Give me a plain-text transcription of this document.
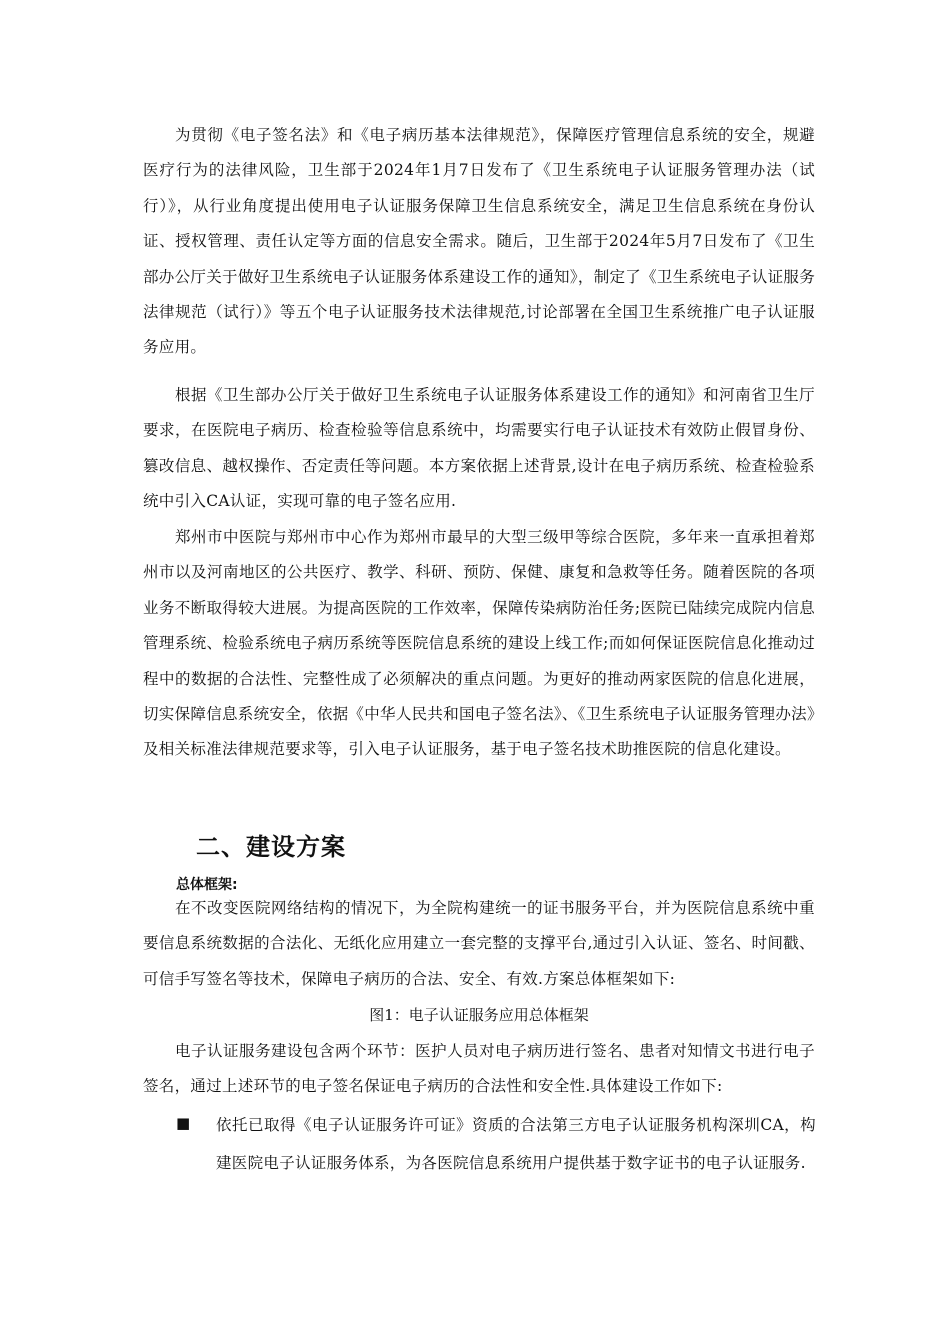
为贯彻《电子签名法》和《电子病历基本法律规范》，保障医疗管理信息系统的安全，规避医疗行为的法律风险，卫生部于2024年1月7日发布了《卫生系统电子认证服务管理办法（试行）》，从行业角度提出使用电子认证服务保障卫生信息系统安全，满足卫生信息系统在身份认证、授权管理、责任认定等方面的信息安全需求。随后，卫生部于2024年5月7日发布了《卫生部办公厅关于做好卫生系统电子认证服务体系建设工作的通知》，制定了《卫生系统电子认证服务法律规范（试行）》等五个电子认证服务技术法律规范,讨论部署在全国卫生系统推广电子认证服务应用。

根据《卫生部办公厅关于做好卫生系统电子认证服务体系建设工作的通知》和河南省卫生厅要求，在医院电子病历、检查检验等信息系统中，均需要实行电子认证技术有效防止假冒身份、篡改信息、越权操作、否定责任等问题。本方案依据上述背景,设计在电子病历系统、检查检验系统中引入CA认证，实现可靠的电子签名应用.

郑州市中医院与郑州市中心作为郑州市最早的大型三级甲等综合医院，多年来一直承担着郑州市以及河南地区的公共医疗、教学、科研、预防、保健、康复和急救等任务。随着医院的各项业务不断取得较大进展。为提高医院的工作效率，保障传染病防治任务;医院已陆续完成院内信息管理系统、检验系统电子病历系统等医院信息系统的建设上线工作;而如何保证医院信息化推动过程中的数据的合法性、完整性成了必须解决的重点问题。为更好的推动两家医院的信息化进展，切实保障信息系统安全，依据《中华人民共和国电子签名法》、《卫生系统电子认证服务管理办法》及相关标准法律规范要求等，引入电子认证服务，基于电子签名技术助推医院的信息化建设。

二、建设方案
总体框架:

在不改变医院网络结构的情况下，为全院构建统一的证书服务平台，并为医院信息系统中重要信息系统数据的合法化、无纸化应用建立一套完整的支撑平台,通过引入认证、签名、时间戳、可信手写签名等技术，保障电子病历的合法、安全、有效.方案总体框架如下:

图1：电子认证服务应用总体框架

电子认证服务建设包含两个环节：医护人员对电子病历进行签名、患者对知情文书进行电子签名，通过上述环节的电子签名保证电子病历的合法性和安全性.具体建设工作如下:

■	依托已取得《电子认证服务许可证》资质的合法第三方电子认证服务机构深圳CA，构建医院电子认证服务体系，为各医院信息系统用户提供基于数字证书的电子认证服务.
